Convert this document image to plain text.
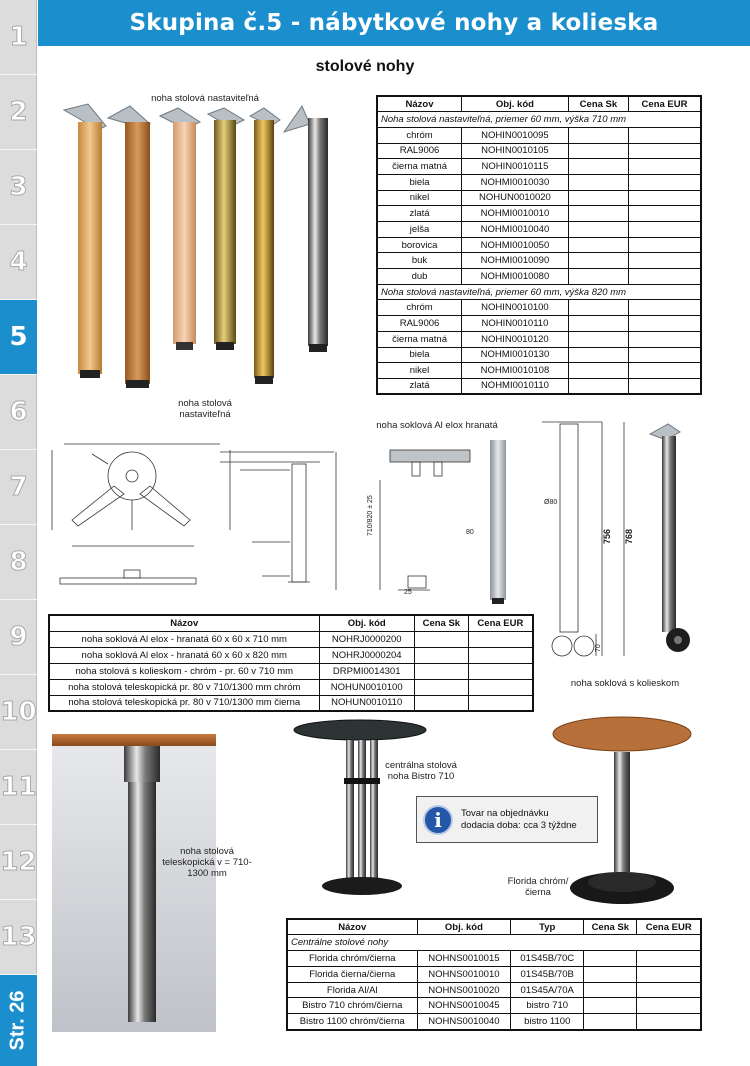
1
2
3
4
5
6
7
8
9
10
11
12
13
Str. 26
Skupina č.5 - nábytkové nohy a kolieska
stolové nohy
noha stolová nastaviteľná
Názov	Obj. kód	Cena Sk	Cena EUR
Noha stolová nastaviteľná, priemer 60 mm, výška 710 mm			
chróm	NOHIN0010095		
RAL9006	NOHIN0010105		
čierna matná	NOHIN0010115		
biela	NOHMI0010030		
nikel	NOHUN0010020		
zlatá	NOHMI0010010		
jelša	NOHMI0010040		
borovica	NOHMI0010050		
buk	NOHMI0010090		
dub	NOHMI0010080		
Noha stolová nastaviteľná, priemer 60 mm, výška 820 mm			
chróm	NOHIN0010100		
RAL9006	NOHIN0010110		
čierna matná	NOHIN0010120		
biela	NOHMI0010130		
nikel	NOHMI0010108		
zlatá	NOHMI0010110		
noha stolová nastaviteľná
noha soklová Al elox hranatá
710/820 ± 25	80
25
Ø80
756 768
70
noha soklová s kolieskom
Názov	Obj. kód	Cena Sk	Cena EUR
noha soklová Al elox - hranatá 60 x 60 x 710 mm	NOHRJ0000200		
noha soklová Al elox - hranatá 60 x 60 x 820 mm	NOHRJ0000204		
noha stolová s kolieskom - chróm - pr. 60 v 710 mm	DRPMI0014301		
noha stolová teleskopická pr. 80 v 710/1300 mm chróm	NOHUN0010100		
noha stolová teleskopická pr. 80 v 710/1300 mm čierna	NOHUN0010110		
noha stolová teleskopická v = 710-1300 mm
centrálna stolová noha Bistro 710
i	Tovar na objednávku
dodacia doba: cca 3 týždne
Florida chróm/čierna
Názov	Obj. kód	Typ	Cena Sk	Cena EUR
Centrálne stolové nohy				
Florida chróm/čierna	NOHNS0010015	01S45B/70C		
Florida čierna/čierna	NOHNS0010010	01S45B/70B		
Florida Al/Al	NOHNS0010020	01S45A/70A		
Bistro 710 chróm/čierna	NOHNS0010045	bistro 710		
Bistro 1100 chróm/čierna	NOHNS0010040	bistro 1100		
